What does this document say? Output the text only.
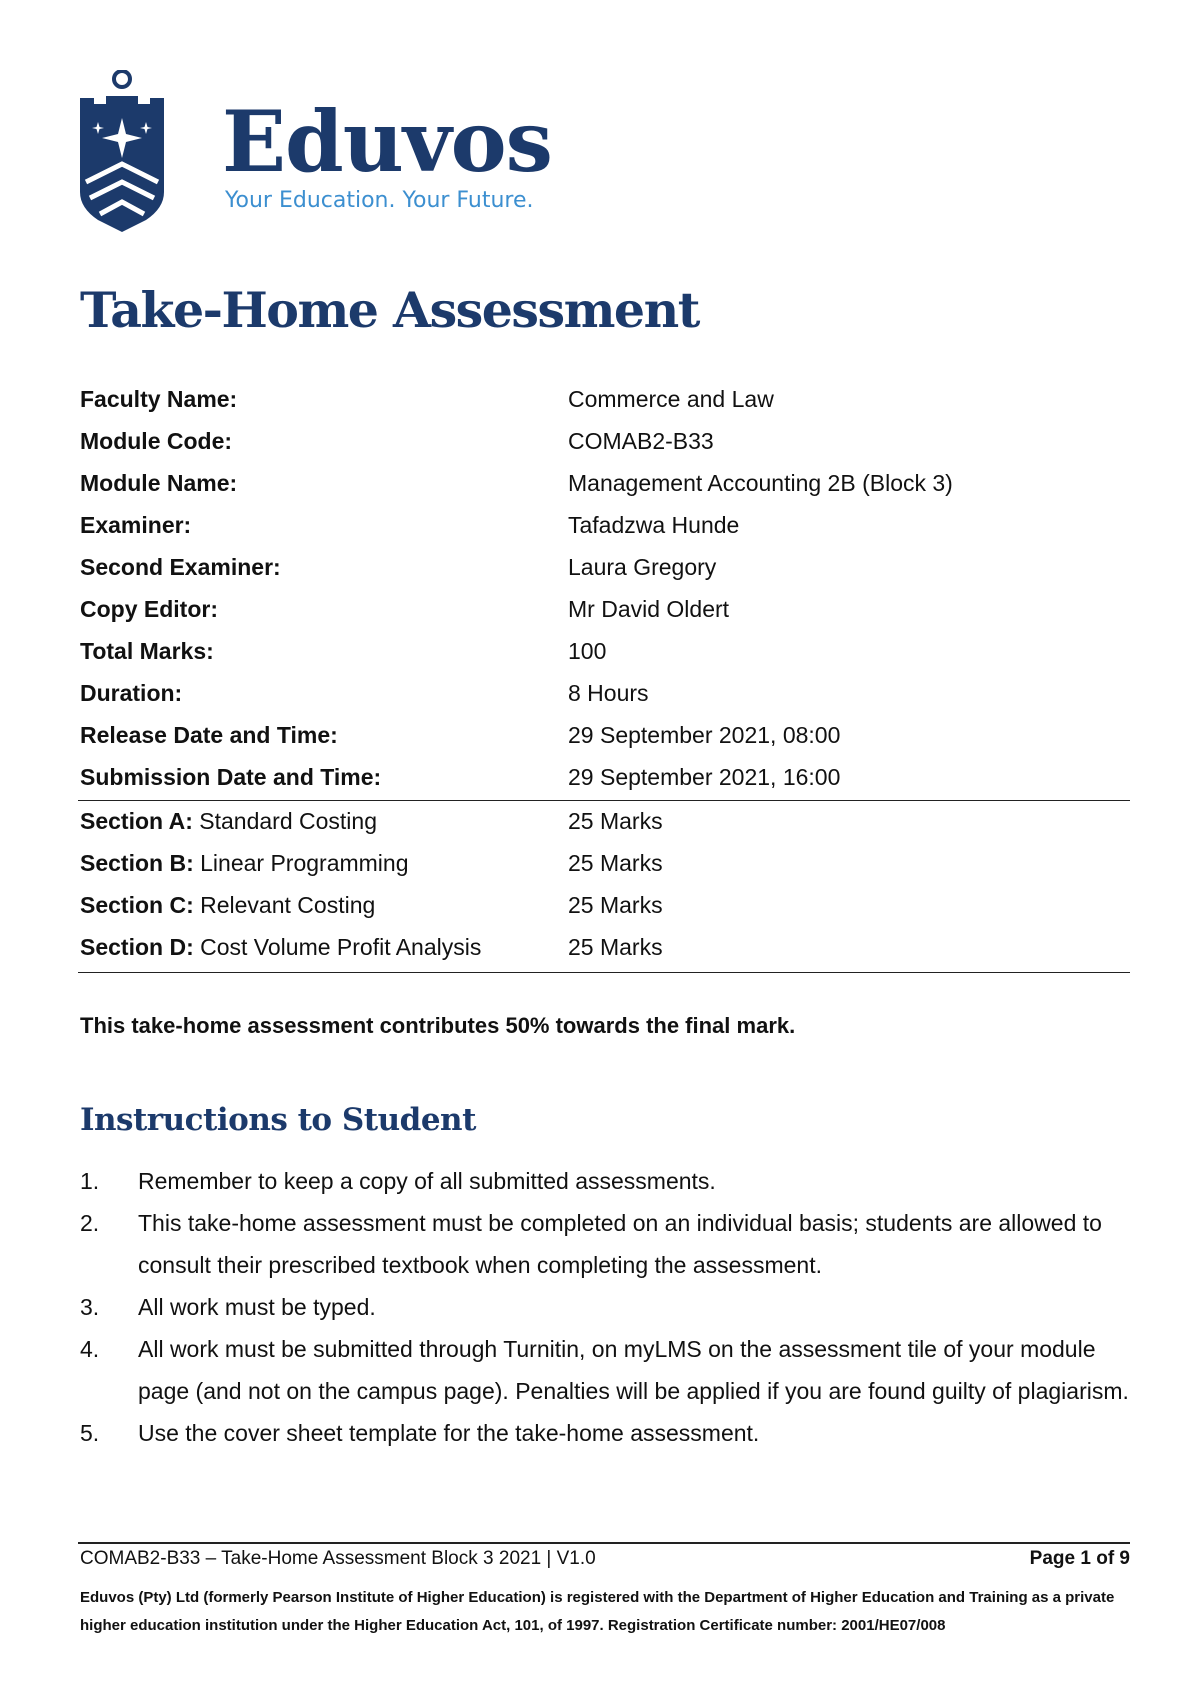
Eduvos
Your Education. Your Future.
Take-Home Assessment
Faculty Name:	Commerce and Law
Module Code:	COMAB2-B33
Module Name:	Management Accounting 2B (Block 3)
Examiner:	Tafadzwa Hunde
Second Examiner:	Laura Gregory
Copy Editor:	Mr David Oldert
Total Marks:	100
Duration:	8 Hours
Release Date and Time:	29 September 2021, 08:00
Submission Date and Time:	29 September 2021, 16:00
Section A: Standard Costing	25 Marks
Section B: Linear Programming	25 Marks
Section C: Relevant Costing	25 Marks
Section D: Cost Volume Profit Analysis	25 Marks
This take-home assessment contributes 50% towards the final mark.
Instructions to Student
1. Remember to keep a copy of all submitted assessments.
2. This take-home assessment must be completed on an individual basis; students are allowed to consult their prescribed textbook when completing the assessment.
3. All work must be typed.
4. All work must be submitted through Turnitin, on myLMS on the assessment tile of your module page (and not on the campus page). Penalties will be applied if you are found guilty of plagiarism.
5. Use the cover sheet template for the take-home assessment.
COMAB2-B33 – Take-Home Assessment Block 3 2021 | V1.0	Page 1 of 9
Eduvos (Pty) Ltd (formerly Pearson Institute of Higher Education) is registered with the Department of Higher Education and Training as a private higher education institution under the Higher Education Act, 101, of 1997. Registration Certificate number: 2001/HE07/008
